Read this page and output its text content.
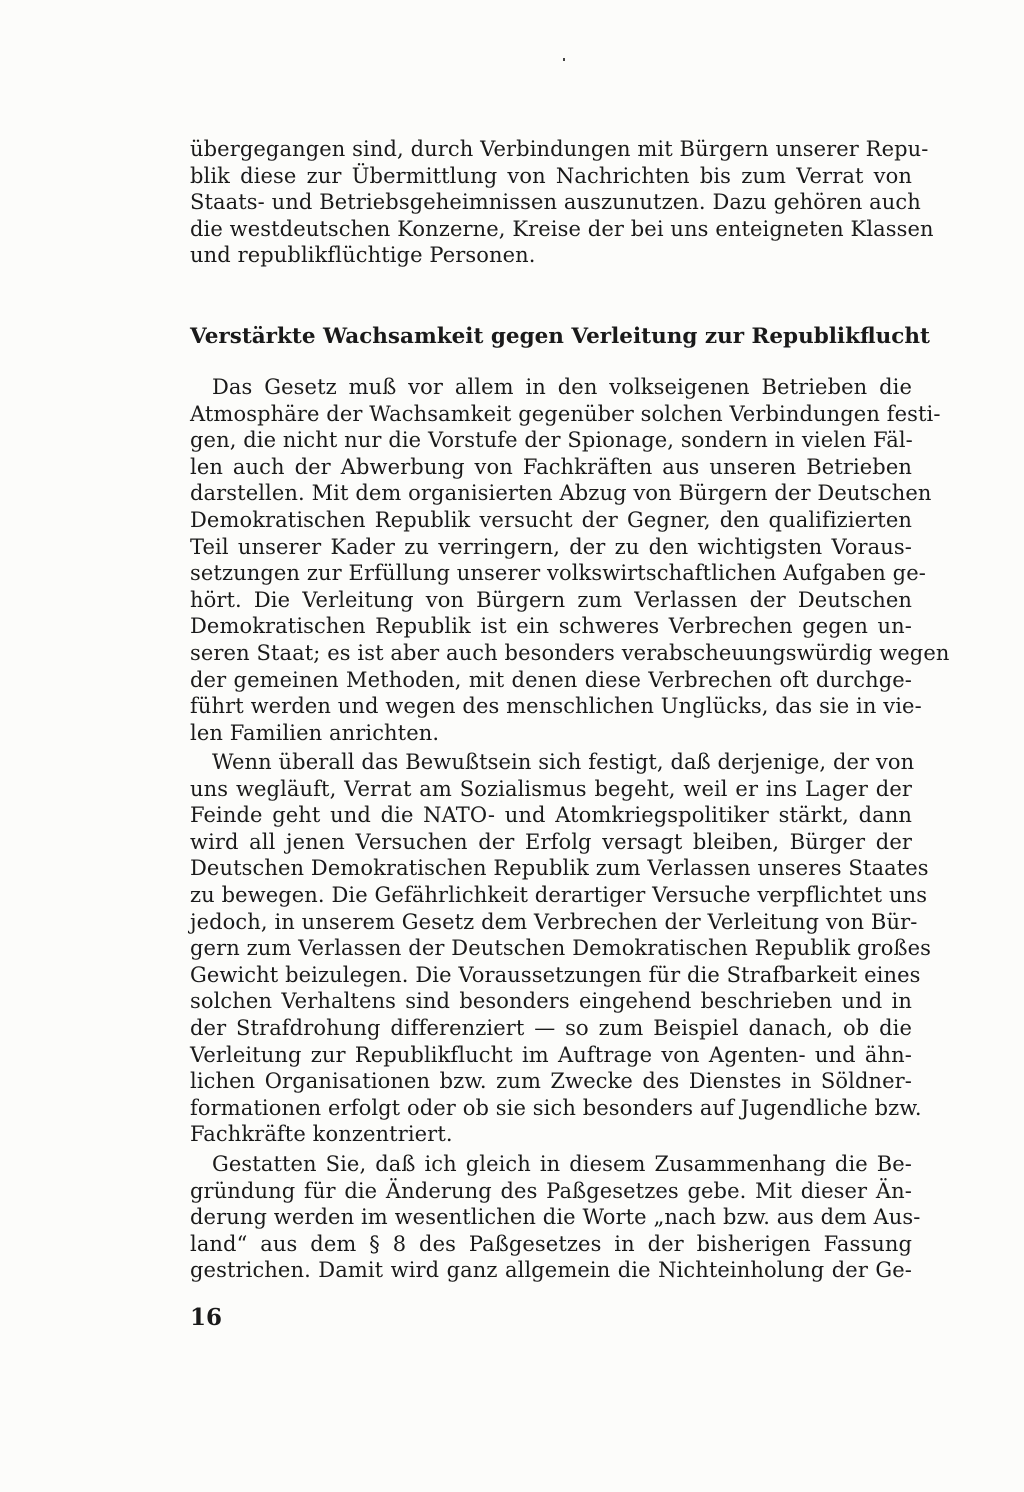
übergegangen sind, durch Verbindungen mit Bürgern unserer Repu-
blik diese zur Übermittlung von Nachrichten bis zum Verrat von
Staats- und Betriebsgeheimnissen auszunutzen. Dazu gehören auch
die westdeutschen Konzerne, Kreise der bei uns enteigneten Klassen
und republikflüchtige Personen.
Verstärkte Wachsamkeit gegen Verleitung zur Republikflucht
Das Gesetz muß vor allem in den volkseigenen Betrieben die
Atmosphäre der Wachsamkeit gegenüber solchen Verbindungen festi-
gen, die nicht nur die Vorstufe der Spionage, sondern in vielen Fäl-
len auch der Abwerbung von Fachkräften aus unseren Betrieben
darstellen. Mit dem organisierten Abzug von Bürgern der Deutschen
Demokratischen Republik versucht der Gegner, den qualifizierten
Teil unserer Kader zu verringern, der zu den wichtigsten Voraus-
setzungen zur Erfüllung unserer volkswirtschaftlichen Aufgaben ge-
hört. Die Verleitung von Bürgern zum Verlassen der Deutschen
Demokratischen Republik ist ein schweres Verbrechen gegen un-
seren Staat; es ist aber auch besonders verabscheuungswürdig wegen
der gemeinen Methoden, mit denen diese Verbrechen oft durchge-
führt werden und wegen des menschlichen Unglücks, das sie in vie-
len Familien anrichten.
Wenn überall das Bewußtsein sich festigt, daß derjenige, der von
uns wegläuft, Verrat am Sozialismus begeht, weil er ins Lager der
Feinde geht und die NATO- und Atomkriegspolitiker stärkt, dann
wird all jenen Versuchen der Erfolg versagt bleiben, Bürger der
Deutschen Demokratischen Republik zum Verlassen unseres Staates
zu bewegen. Die Gefährlichkeit derartiger Versuche verpflichtet uns
jedoch, in unserem Gesetz dem Verbrechen der Verleitung von Bür-
gern zum Verlassen der Deutschen Demokratischen Republik großes
Gewicht beizulegen. Die Voraussetzungen für die Strafbarkeit eines
solchen Verhaltens sind besonders eingehend beschrieben und in
der Strafdrohung differenziert — so zum Beispiel danach, ob die
Verleitung zur Republikflucht im Auftrage von Agenten- und ähn-
lichen Organisationen bzw. zum Zwecke des Dienstes in Söldner-
formationen erfolgt oder ob sie sich besonders auf Jugendliche bzw.
Fachkräfte konzentriert.
Gestatten Sie, daß ich gleich in diesem Zusammenhang die Be-
gründung für die Änderung des Paßgesetzes gebe. Mit dieser Än-
derung werden im wesentlichen die Worte „nach bzw. aus dem Aus-
land“ aus dem § 8 des Paßgesetzes in der bisherigen Fassung
gestrichen. Damit wird ganz allgemein die Nichteinholung der Ge-
16
